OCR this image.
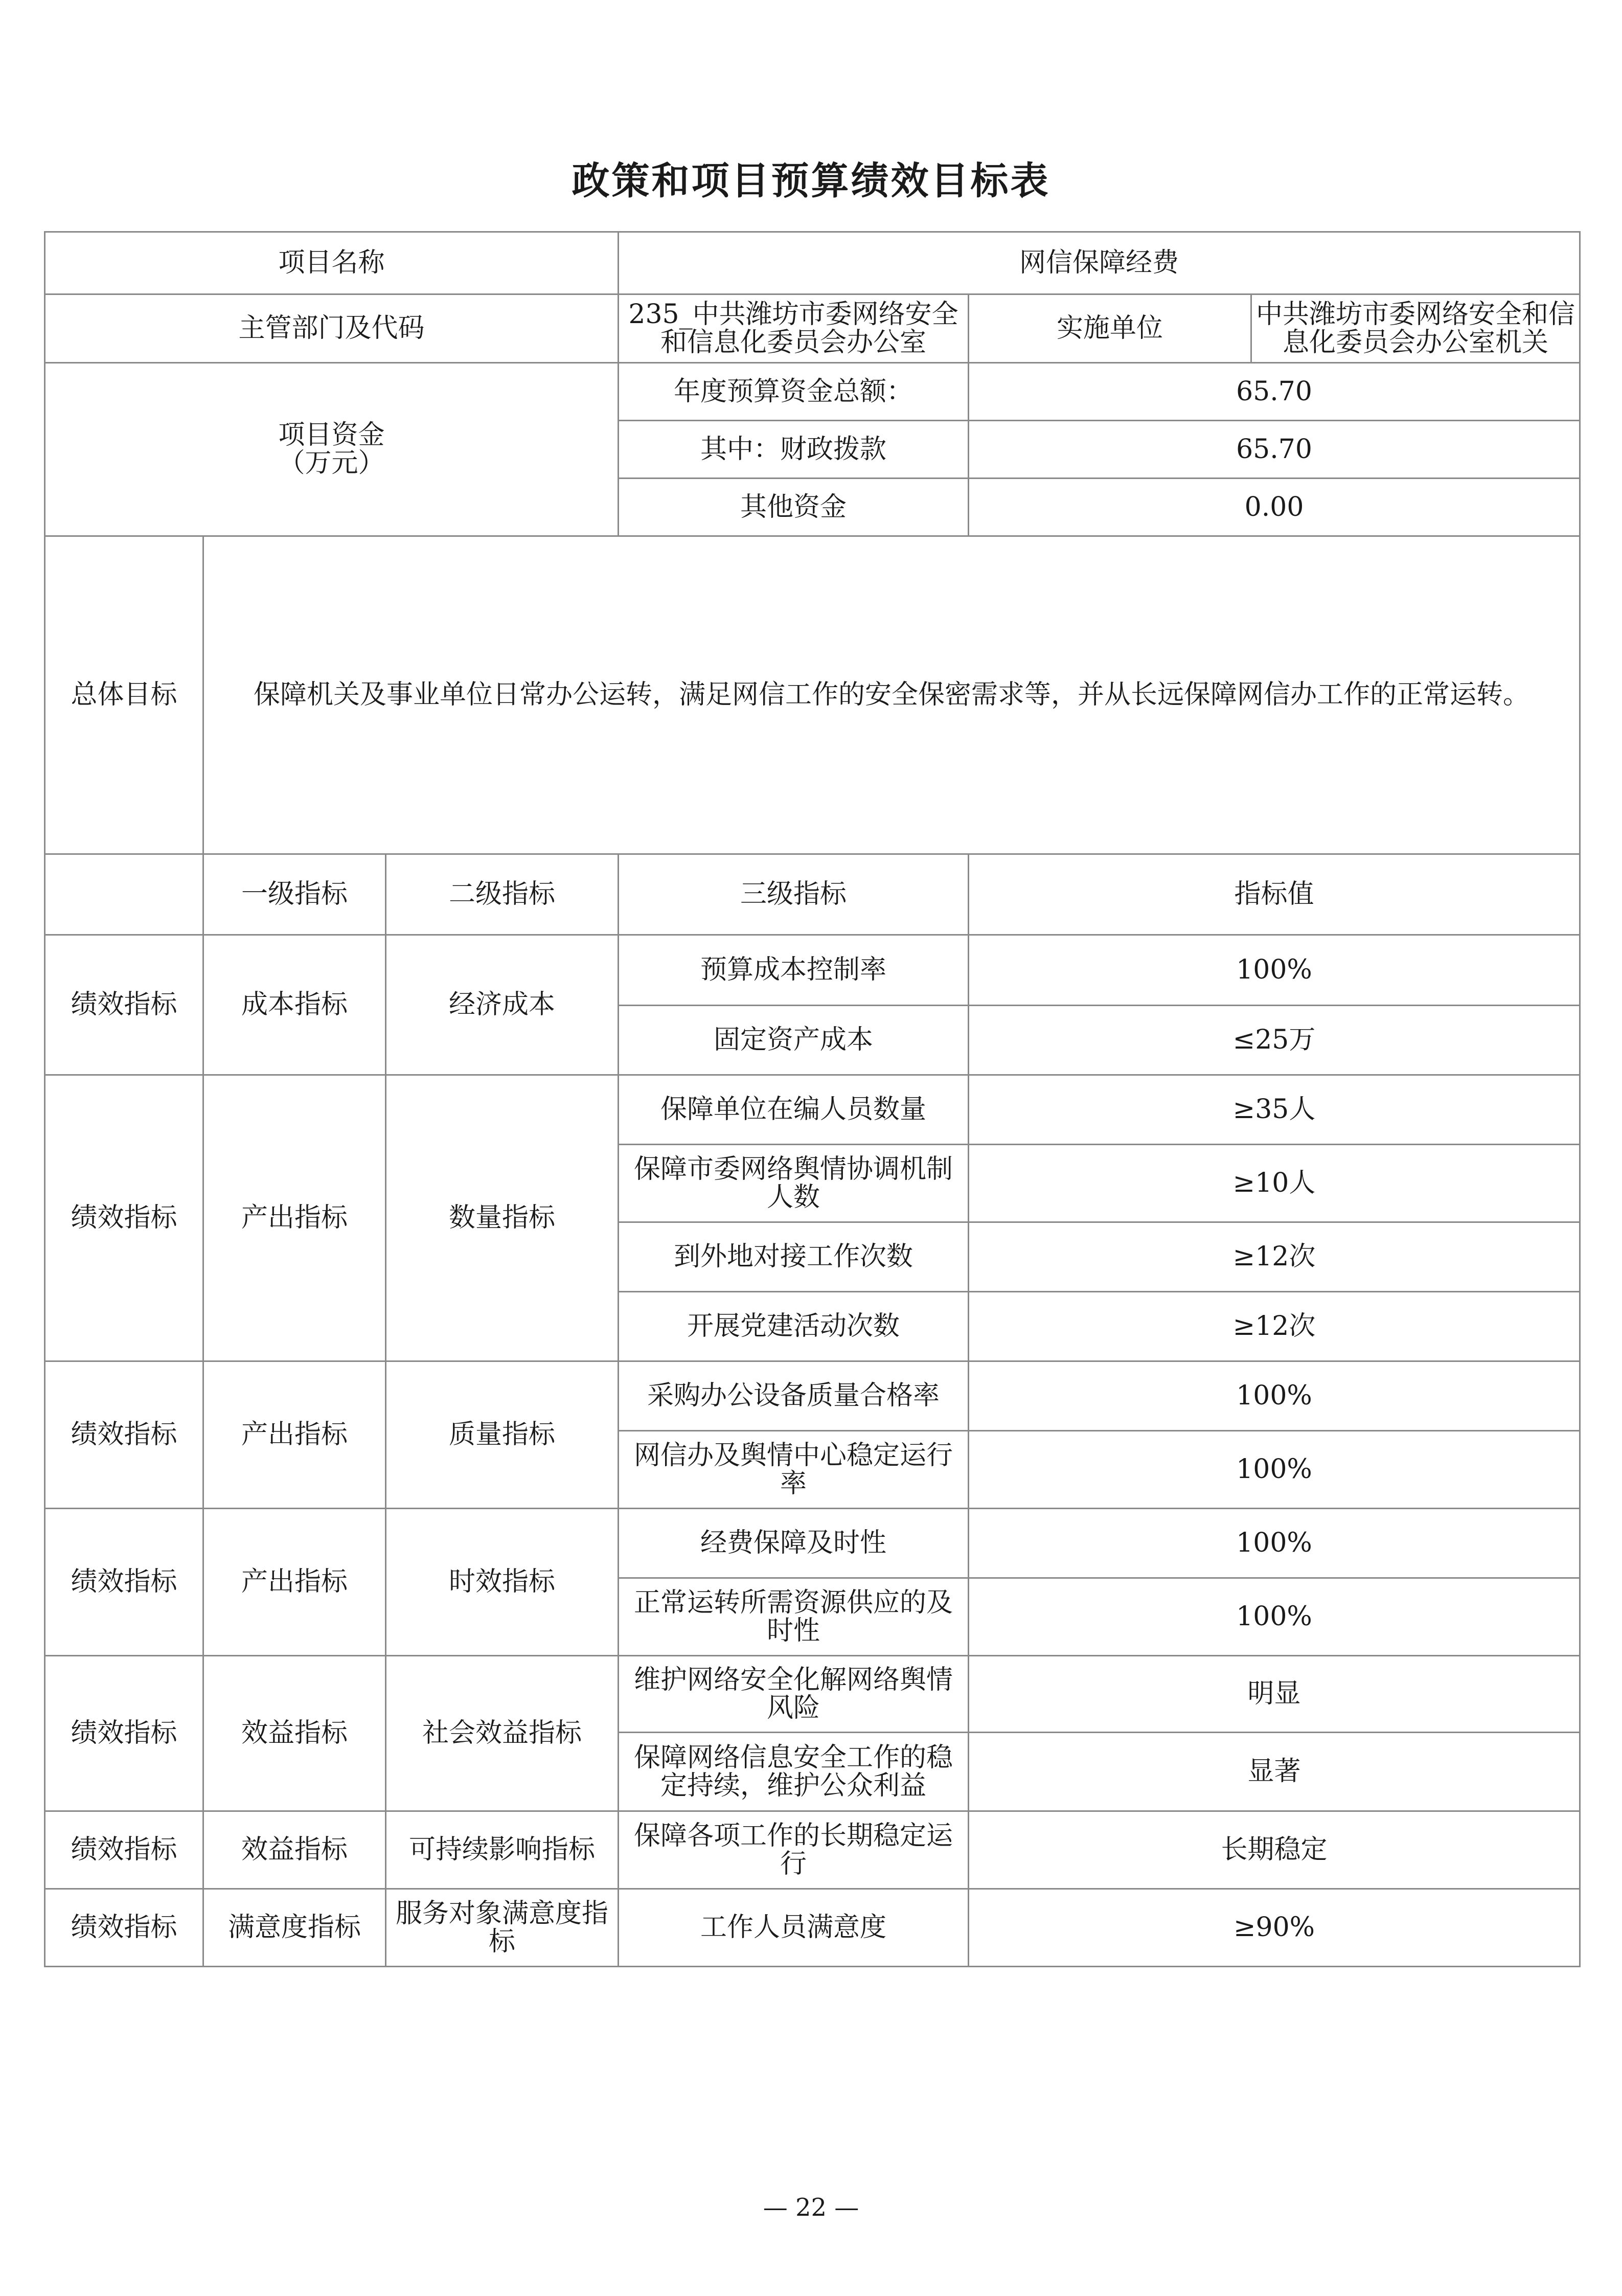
政策和项目预算绩效目标表
项目名称			网信保障经费		
主管部门及代码			235_中共潍坊市委网络安全和信息化委员会办公室	实施单位	中共潍坊市委网络安全和信息化委员会办公室机关

项目资金
（万元）			年度预算资金总额：	65.70	
			其中：财政拨款	65.70	
			其他资金	0.00	
总体目标	保障机关及事业单位日常办公运转，满足网信工作的安全保密需求等，并从长远保障网信办工作的正常运转。				
	一级指标	二级指标	三级指标	指标值	
绩效指标	成本指标	经济成本	预算成本控制率	100%	
			固定资产成本	≤25万	
绩效指标	产出指标	数量指标	保障单位在编人员数量	≥35人	
			保障市委网络舆情协调机制人数	≥10人	
			到外地对接工作次数	≥12次	
			开展党建活动次数	≥12次	
绩效指标	产出指标	质量指标	采购办公设备质量合格率	100%	
			网信办及舆情中心稳定运行率	100%	
绩效指标	产出指标	时效指标	经费保障及时性	100%	
			正常运转所需资源供应的及时性	100%	
绩效指标	效益指标	社会效益指标	维护网络安全化解网络舆情风险	明显	
			保障网络信息安全工作的稳定持续，维护公众利益	显著	
绩效指标	效益指标	可持续影响指标	保障各项工作的长期稳定运行	长期稳定	
绩效指标	满意度指标	服务对象满意度指标	工作人员满意度	≥90%	
— 22 —
